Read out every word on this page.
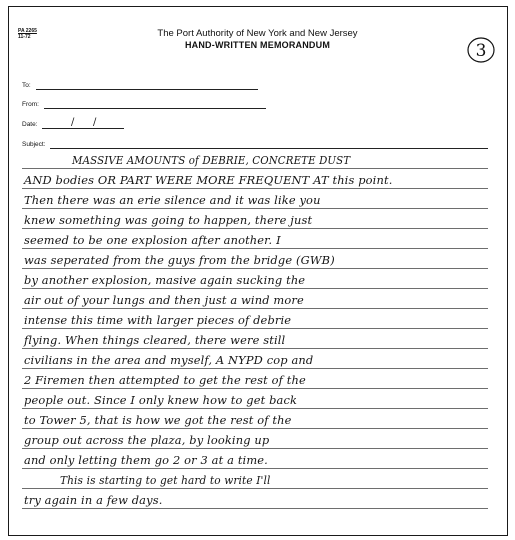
PA 2265
11-72	The Port Authority of New York and New Jersey
HAND-WRITTEN MEMORANDUM	3
To:
From:
Date:	/ /
Subject:
MASSIVE AMOUNTS of DEBRIE, CONCRETE DUST
AND bodies OR PART WERE MORE FREQUENT AT this point.
Then there was an erie silence and it was like you
knew something was going to happen, there just
seemed to be one explosion after another. I
was seperated from the guys from the bridge (GWB)
by another explosion, masive again sucking the
air out of your lungs and then just a wind more
intense this time with larger pieces of debrie
flying. When things cleared, there were still
civilians in the area and myself, A NYPD cop and
2 Firemen then attempted to get the rest of the
people out. Since I only knew how to get back
to Tower 5, that is how we got the rest of the
group out across the plaza, by looking up
and only letting them go 2 or 3 at a time.
This is starting to get hard to write I'll
try again in a few days.
